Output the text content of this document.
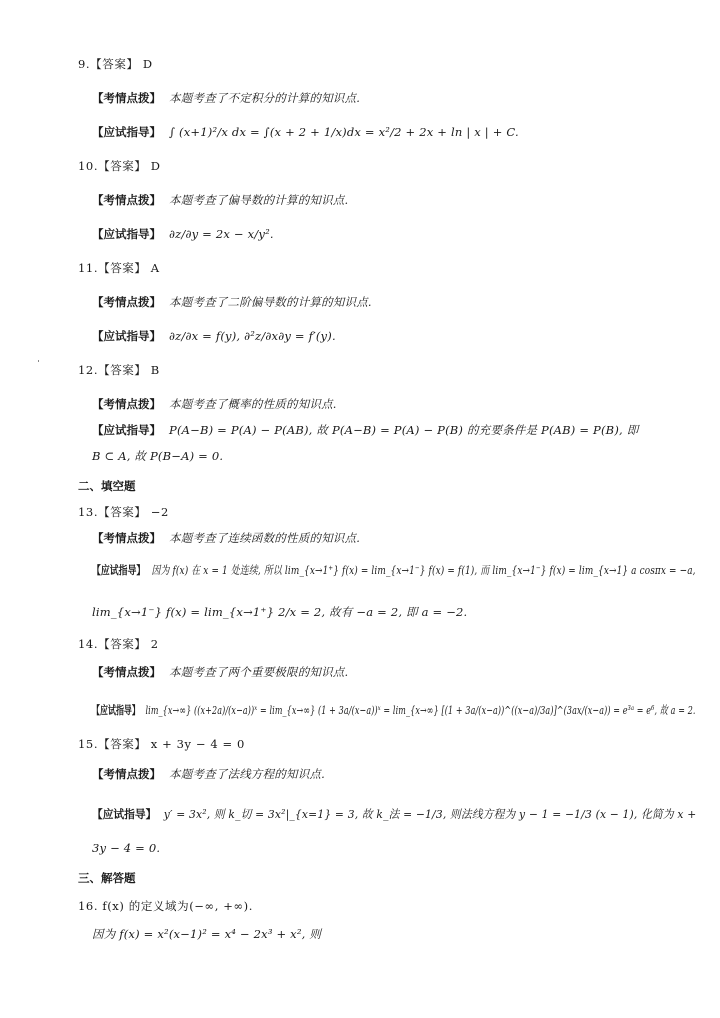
9.【答案】 D
【考情点拨】 本题考查了不定积分的计算的知识点.
【应试指导】 ∫ (x+1)²/x dx = ∫(x + 2 + 1/x)dx = x²/2 + 2x + ln | x | + C.
10.【答案】 D
【考情点拨】 本题考查了偏导数的计算的知识点.
【应试指导】 ∂z/∂y = 2x − x/y².
11.【答案】 A
【考情点拨】 本题考查了二阶偏导数的计算的知识点.
【应试指导】 ∂z/∂x = f(y), ∂²z/∂x∂y = f′(y).
12.【答案】 B
【考情点拨】 本题考查了概率的性质的知识点.
【应试指导】 P(A−B) = P(A) − P(AB), 故 P(A−B) = P(A) − P(B) 的充要条件是 P(AB) = P(B), 即
B ⊂ A, 故 P(B−A) = 0.
二、填空题
13.【答案】 −2
【考情点拨】 本题考查了连续函数的性质的知识点.
【应试指导】 因为 f(x) 在 x = 1 处连续, 所以 lim_{x→1⁺} f(x) = lim_{x→1⁻} f(x) = f(1), 而 lim_{x→1⁻} f(x) = lim_{x→1} a cosπx = −a,
lim_{x→1⁻} f(x) = lim_{x→1⁺} 2/x = 2, 故有 −a = 2, 即 a = −2.
14.【答案】 2
【考情点拨】 本题考查了两个重要极限的知识点.
【应试指导】 lim_{x→∞} ((x+2a)/(x−a))ˣ = lim_{x→∞} (1 + 3a/(x−a))ˣ = lim_{x→∞} [(1 + 3a/(x−a))^((x−a)/3a)]^(3ax/(x−a)) = e³ᵃ = e⁶, 故 a = 2.
15.【答案】 x + 3y − 4 = 0
【考情点拨】 本题考查了法线方程的知识点.
【应试指导】 y′ = 3x², 则 k_切 = 3x²|_{x=1} = 3, 故 k_法 = −1/3, 则法线方程为 y − 1 = −1/3 (x − 1), 化简为 x +
3y − 4 = 0.
三、解答题
16. f(x) 的定义域为(−∞, +∞).
因为 f(x) = x²(x−1)² = x⁴ − 2x³ + x², 则
